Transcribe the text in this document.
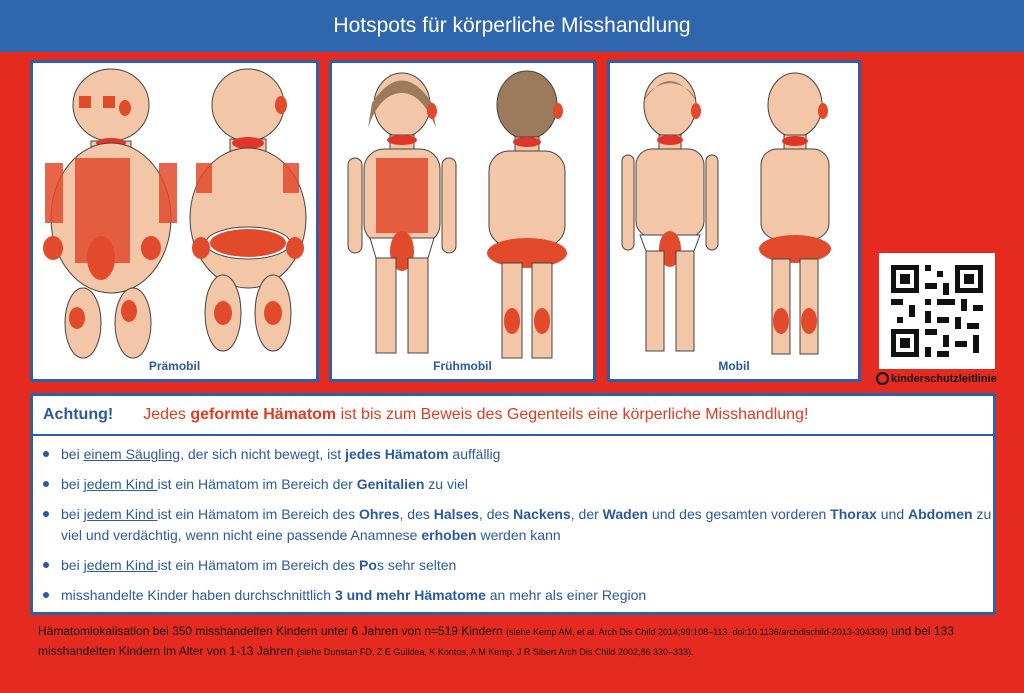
Hotspots für körperliche Misshandlung
Prämobil	Frühmobil	Mobil
kinderschutzleitlinie
Achtung! Jedes geformte Hämatom ist bis zum Beweis des Gegenteils eine körperliche Misshandlung!
bei einem Säugling, der sich nicht bewegt, ist jedes Hämatom auffällig
bei jedem Kind ist ein Hämatom im Bereich der Genitalien zu viel
bei jedem Kind ist ein Hämatom im Bereich des Ohres, des Halses, des Nackens, der Waden und des gesamten vorderen Thorax und Abdomen zu viel und verdächtig, wenn nicht eine passende Anamnese erhoben werden kann
bei jedem Kind ist ein Hämatom im Bereich des Pos sehr selten
misshandelte Kinder haben durchschnittlich 3 und mehr Hämatome an mehr als einer Region
Hämatomlokalisation bei 350 misshandelten Kindern unter 6 Jahren von n=519 Kindern (siehe Kemp AM, et al. Arch Dis Child 2014;99:108–113. doi:10.1136/archdischild-2013-304339) und bei 133 misshandelten Kindern im Alter von 1-13 Jahren (siehe Dunstan FD, Z E Guildea, K Kontos, A M Kemp, J R Sibert Arch Dis Child 2002;86:330–333).
